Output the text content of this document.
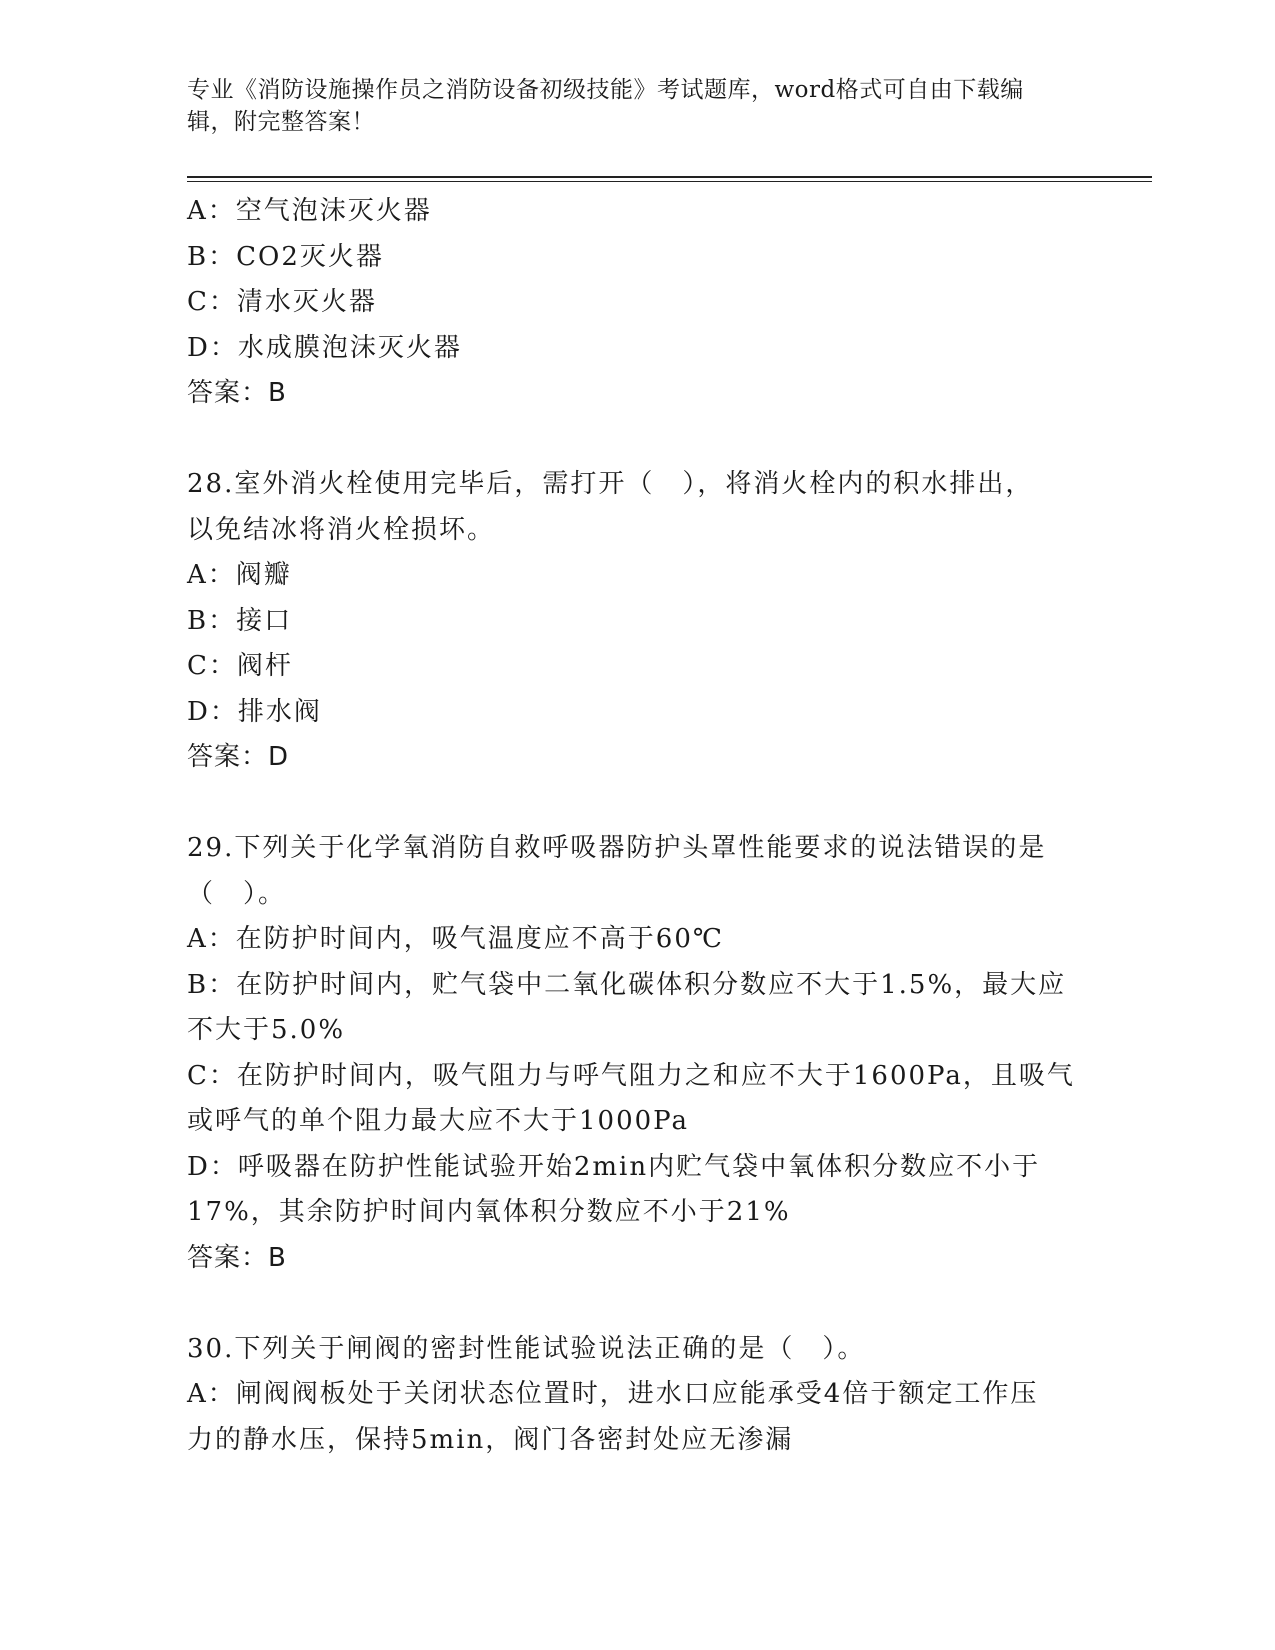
专业《消防设施操作员之消防设备初级技能》考试题库，word格式可自由下载编
辑，附完整答案！
A：空气泡沫灭火器
B：CO2灭火器
C：清水灭火器
D：水成膜泡沫灭火器
答案：B
28.室外消火栓使用完毕后，需打开（　），将消火栓内的积水排出，
以免结冰将消火栓损坏。
A：阀瓣
B：接口
C：阀杆
D：排水阀
答案：D
29.下列关于化学氧消防自救呼吸器防护头罩性能要求的说法错误的是
（　）。
A：在防护时间内，吸气温度应不高于60℃
B：在防护时间内，贮气袋中二氧化碳体积分数应不大于1.5%，最大应
不大于5.0%
C：在防护时间内，吸气阻力与呼气阻力之和应不大于1600Pa，且吸气
或呼气的单个阻力最大应不大于1000Pa
D：呼吸器在防护性能试验开始2min内贮气袋中氧体积分数应不小于
17%，其余防护时间内氧体积分数应不小于21%
答案：B
30.下列关于闸阀的密封性能试验说法正确的是（　）。
A：闸阀阀板处于关闭状态位置时，进水口应能承受4倍于额定工作压
力的静水压，保持5min，阀门各密封处应无渗漏
